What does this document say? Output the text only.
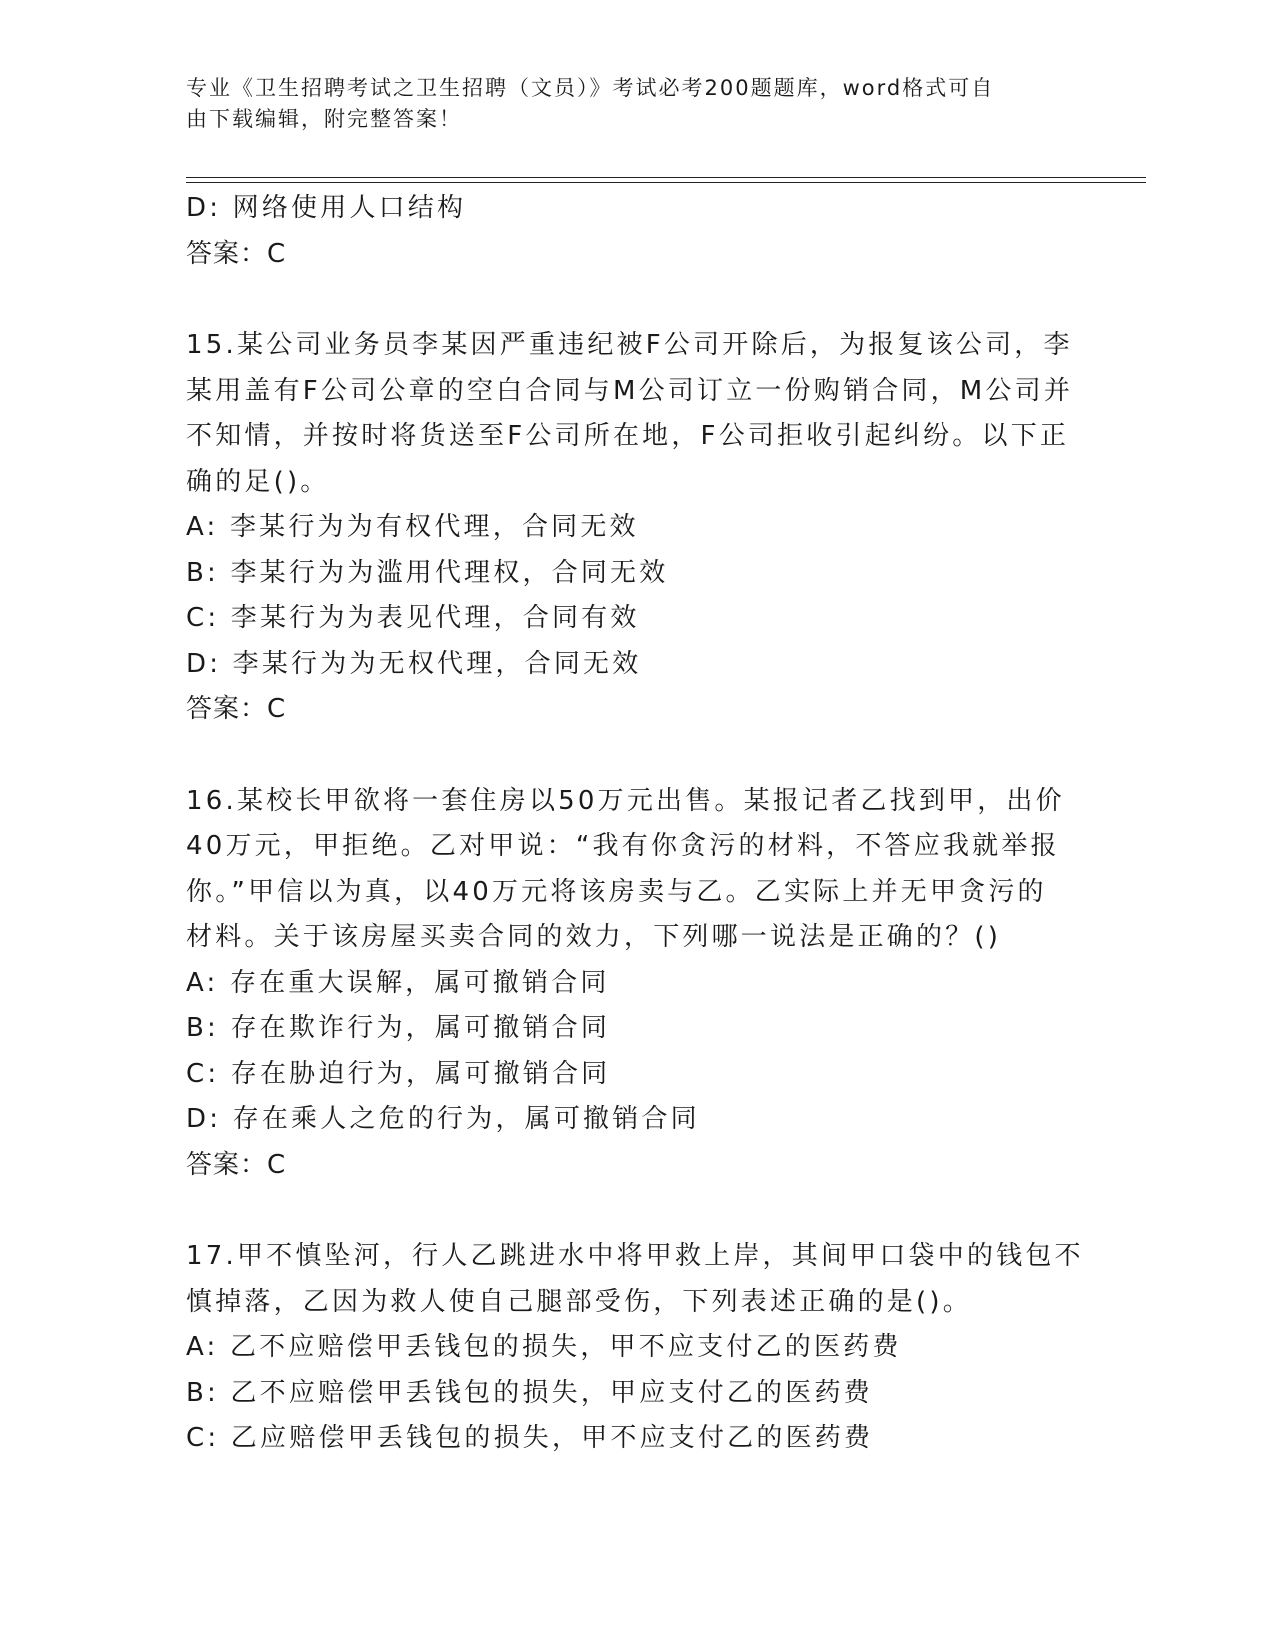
专业《卫生招聘考试之卫生招聘（文员）》考试必考200题题库，word格式可自
由下载编辑，附完整答案！
D: 网络使用人口结构
答案：C
15.某公司业务员李某因严重违纪被F公司开除后，为报复该公司，李
某用盖有F公司公章的空白合同与M公司订立一份购销合同，M公司并
不知情，并按时将货送至F公司所在地，F公司拒收引起纠纷。以下正
确的足()。
A: 李某行为为有权代理，合同无效
B: 李某行为为滥用代理权，合同无效
C: 李某行为为表见代理，合同有效
D: 李某行为为无权代理，合同无效
答案：C
16.某校长甲欲将一套住房以50万元出售。某报记者乙找到甲，出价
40万元，甲拒绝。乙对甲说：“我有你贪污的材料，不答应我就举报
你。”甲信以为真，以40万元将该房卖与乙。乙实际上并无甲贪污的
材料。关于该房屋买卖合同的效力，下列哪一说法是正确的？()
A: 存在重大误解，属可撤销合同
B: 存在欺诈行为，属可撤销合同
C: 存在胁迫行为，属可撤销合同
D: 存在乘人之危的行为，属可撤销合同
答案：C
17.甲不慎坠河，行人乙跳进水中将甲救上岸，其间甲口袋中的钱包不
慎掉落，乙因为救人使自己腿部受伤，下列表述正确的是()。
A: 乙不应赔偿甲丢钱包的损失，甲不应支付乙的医药费
B: 乙不应赔偿甲丢钱包的损失，甲应支付乙的医药费
C: 乙应赔偿甲丢钱包的损失，甲不应支付乙的医药费
